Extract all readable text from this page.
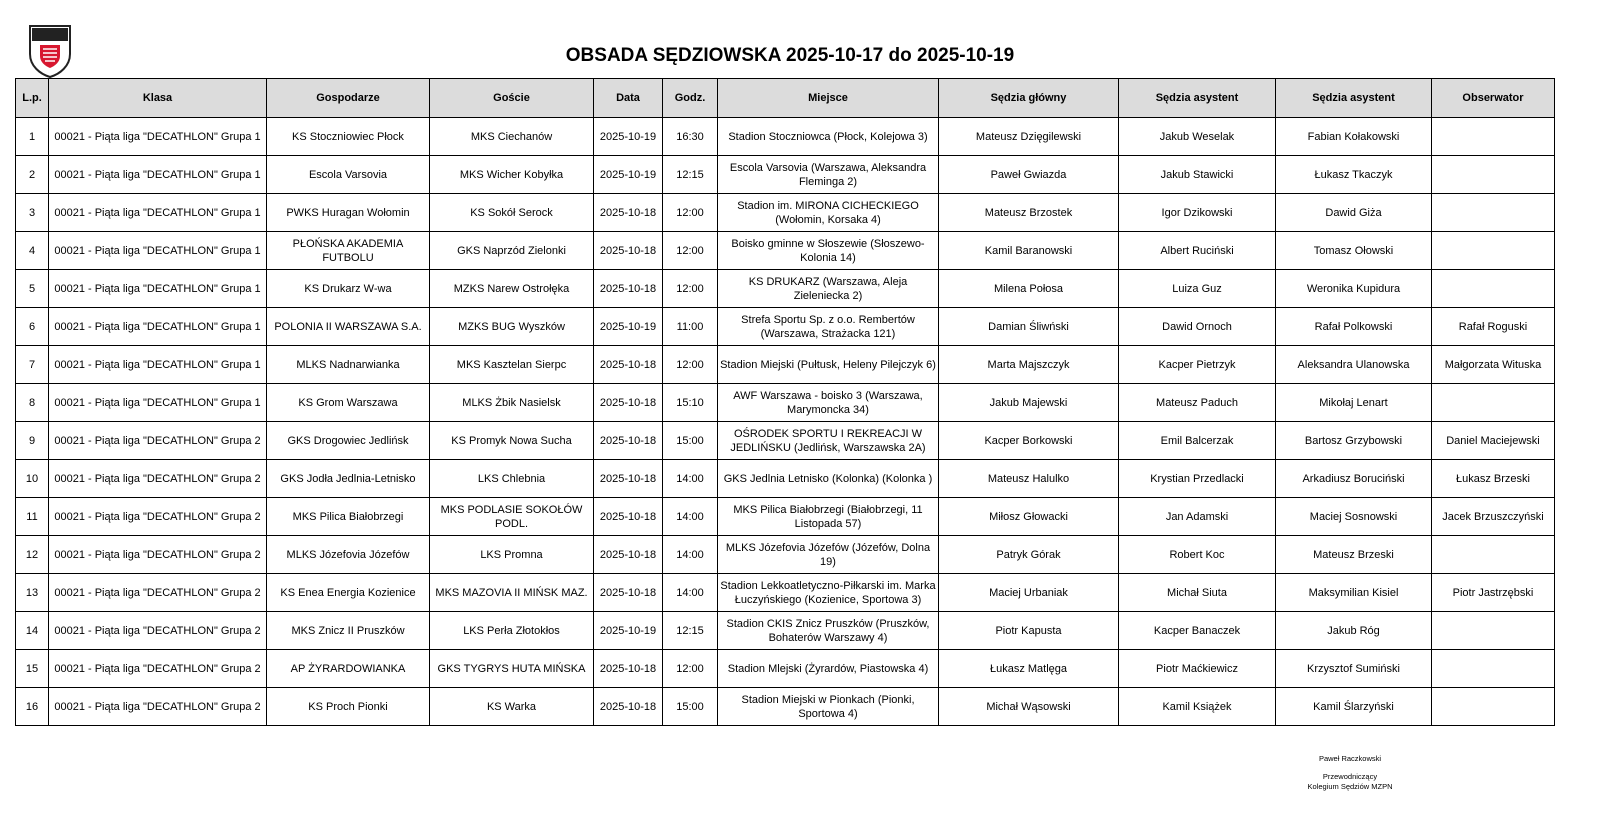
OBSADA SĘDZIOWSKA 2025-10-17 do 2025-10-19
L.p.	Klasa	Gospodarze	Goście	Data	Godz.	Miejsce	Sędzia główny	Sędzia asystent	Sędzia asystent	Obserwator
1	00021 - Piąta liga "DECATHLON" Grupa 1	KS Stoczniowiec Płock	MKS Ciechanów	2025-10-19	16:30	Stadion Stoczniowca (Płock, Kolejowa 3)	Mateusz Dzięgilewski	Jakub Weselak	Fabian Kołakowski	
2	00021 - Piąta liga "DECATHLON" Grupa 1	Escola Varsovia	MKS Wicher Kobyłka	2025-10-19	12:15	Escola Varsovia (Warszawa, Aleksandra Fleminga 2)	Paweł Gwiazda	Jakub Stawicki	Łukasz Tkaczyk	
3	00021 - Piąta liga "DECATHLON" Grupa 1	PWKS Huragan Wołomin	KS Sokół Serock	2025-10-18	12:00	Stadion im. MIRONA CICHECKIEGO (Wołomin, Korsaka 4)	Mateusz Brzostek	Igor Dzikowski	Dawid Giża	
4	00021 - Piąta liga "DECATHLON" Grupa 1	PŁOŃSKA AKADEMIA FUTBOLU	GKS Naprzód Zielonki	2025-10-18	12:00	Boisko gminne w Słoszewie (Słoszewo-Kolonia 14)	Kamil Baranowski	Albert Ruciński	Tomasz Ołowski	
5	00021 - Piąta liga "DECATHLON" Grupa 1	KS Drukarz W-wa	MZKS Narew Ostrołęka	2025-10-18	12:00	KS DRUKARZ (Warszawa, Aleja Zieleniecka 2)	Milena Połosa	Luiza Guz	Weronika Kupidura	
6	00021 - Piąta liga "DECATHLON" Grupa 1	POLONIA II WARSZAWA S.A.	MZKS BUG Wyszków	2025-10-19	11:00	Strefa Sportu Sp. z o.o. Rembertów (Warszawa, Strażacka 121)	Damian Śliwński	Dawid Ornoch	Rafał Polkowski	Rafał Roguski
7	00021 - Piąta liga "DECATHLON" Grupa 1	MLKS Nadnarwianka	MKS Kasztelan Sierpc	2025-10-18	12:00	Stadion Miejski (Pułtusk, Heleny Pilejczyk 6)	Marta Majszczyk	Kacper Pietrzyk	Aleksandra Ulanowska	Małgorzata Wituska
8	00021 - Piąta liga "DECATHLON" Grupa 1	KS Grom Warszawa	MLKS Żbik Nasielsk	2025-10-18	15:10	AWF Warszawa - boisko 3 (Warszawa, Marymoncka 34)	Jakub Majewski	Mateusz Paduch	Mikołaj Lenart	
9	00021 - Piąta liga "DECATHLON" Grupa 2	GKS Drogowiec Jedlińsk	KS Promyk Nowa Sucha	2025-10-18	15:00	OŚRODEK SPORTU I REKREACJI W JEDLIŃSKU (Jedlińsk, Warszawska 2A)	Kacper Borkowski	Emil Balcerzak	Bartosz Grzybowski	Daniel Maciejewski
10	00021 - Piąta liga "DECATHLON" Grupa 2	GKS Jodła Jedlnia-Letnisko	LKS Chlebnia	2025-10-18	14:00	GKS Jedlnia Letnisko (Kolonka) (Kolonka )	Mateusz Halulko	Krystian Przedlacki	Arkadiusz Boruciński	Łukasz Brzeski
11	00021 - Piąta liga "DECATHLON" Grupa 2	MKS Pilica Białobrzegi	MKS PODLASIE SOKOŁÓW PODL.	2025-10-18	14:00	MKS Pilica Białobrzegi (Białobrzegi, 11 Listopada 57)	Miłosz Głowacki	Jan Adamski	Maciej Sosnowski	Jacek Brzuszczyński
12	00021 - Piąta liga "DECATHLON" Grupa 2	MLKS Józefovia Józefów	LKS Promna	2025-10-18	14:00	MLKS Józefovia Józefów (Józefów, Dolna 19)	Patryk Górak	Robert Koc	Mateusz Brzeski	
13	00021 - Piąta liga "DECATHLON" Grupa 2	KS Enea Energia Kozienice	MKS MAZOVIA II MIŃSK MAZ.	2025-10-18	14:00	Stadion Lekkoatletyczno-Piłkarski im. Marka Łuczyńskiego (Kozienice, Sportowa 3)	Maciej Urbaniak	Michał Siuta	Maksymilian Kisiel	Piotr Jastrzębski
14	00021 - Piąta liga "DECATHLON" Grupa 2	MKS Znicz II Pruszków	LKS Perła Złotokłos	2025-10-19	12:15	Stadion CKIS Znicz Pruszków (Pruszków, Bohaterów Warszawy 4)	Piotr Kapusta	Kacper Banaczek	Jakub Róg	
15	00021 - Piąta liga "DECATHLON" Grupa 2	AP ŻYRARDOWIANKA	GKS TYGRYS HUTA MIŃSKA	2025-10-18	12:00	Stadion Mlejski (Żyrardów, Piastowska 4)	Łukasz Matlęga	Piotr Maćkiewicz	Krzysztof Sumiński	
16	00021 - Piąta liga "DECATHLON" Grupa 2	KS Proch Pionki	KS Warka	2025-10-18	15:00	Stadion Miejski w Pionkach (Pionki, Sportowa 4)	Michał Wąsowski	Kamil Książek	Kamil Ślarzyński	
Paweł Raczkowski
Przewodniczący
Kolegium Sędziów MZPN
